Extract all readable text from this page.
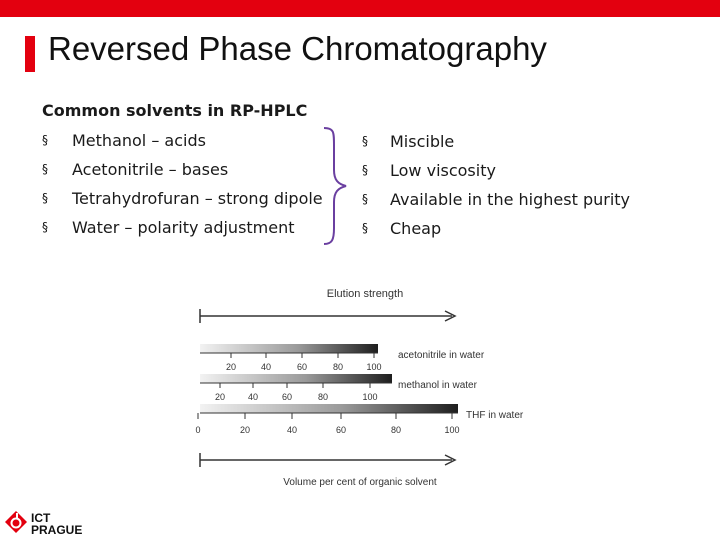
Reversed Phase Chromatography
Common solvents in RP-HPLC
§	Methanol – acids
§	Acetonitrile – bases
§	Tetrahydrofuran – strong dipole
§	Water – polarity adjustment
§	Miscible
§	Low viscosity
§	Available in the highest purity
§	Cheap
Elution strength
20	40	60	80	100
acetonitrile in water
20	40	60	80	100
methanol in water
0	20	40	60	80	100
THF in water
Volume per cent of organic solvent
ICT
PRAGUE
